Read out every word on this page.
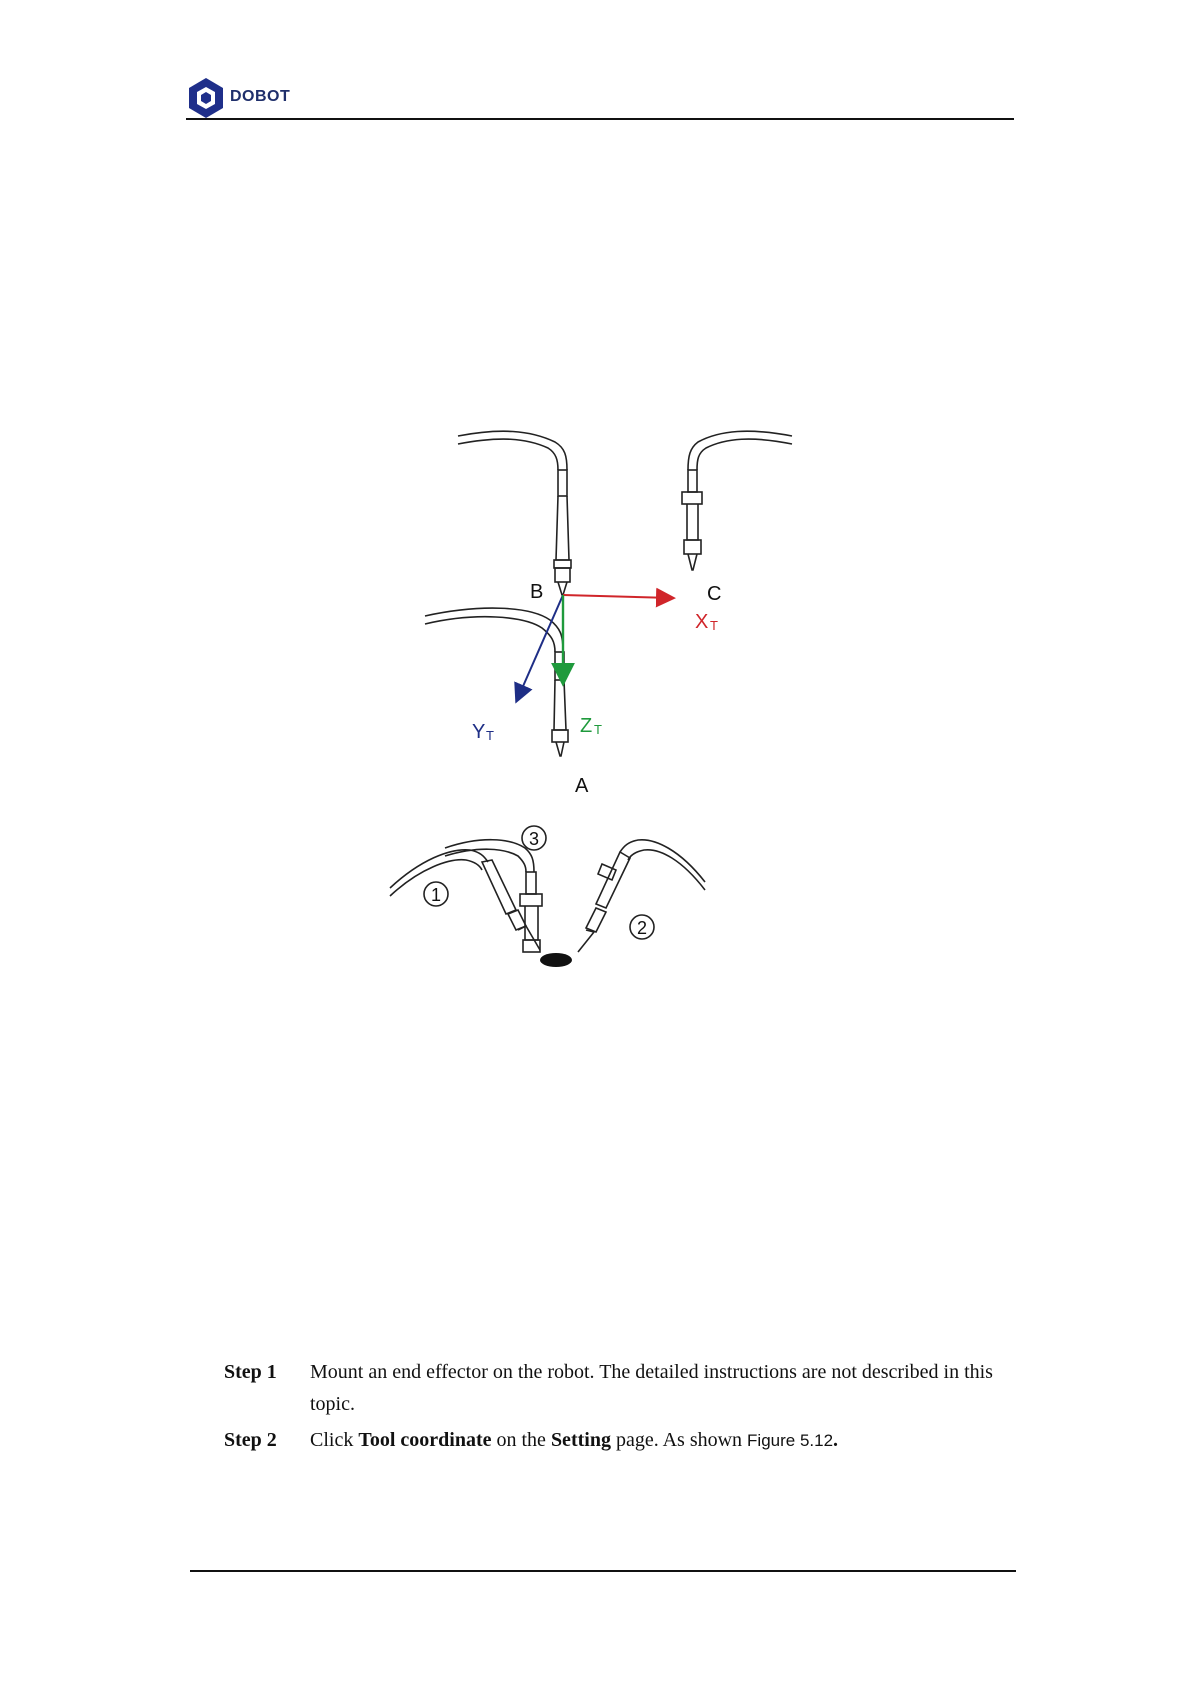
DOBOT
B	C
A
X T
Y T	Z T
3
1
2
Step 1 Mount an end effector on the robot. The detailed instructions are not described in this topic.
Step 2 Click Tool coordinate on the Setting page. As shown Figure 5.12.
